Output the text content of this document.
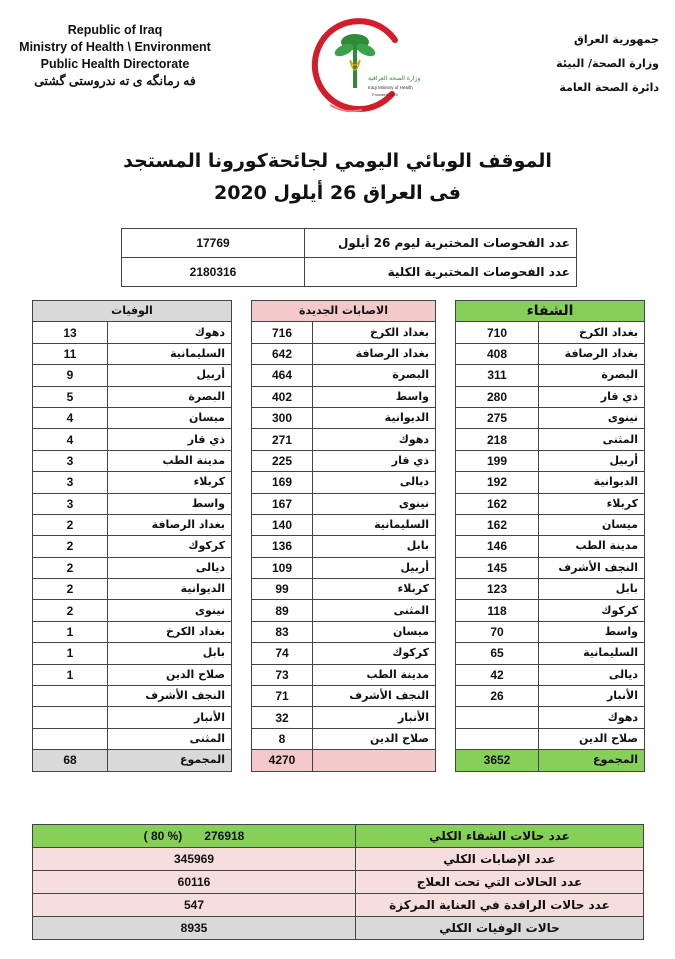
Republic of Iraq
Ministry of Health \ Environment
Public Health Directorate
فه رمانگه ی ته ندروستی گشتی	وزارة الصحة العراقية
Iraqi Ministry of Health
Founded 1920
جمهورية العراق
وزارة الصحة/ البيئة
دائرة الصحة العامة
الموقف الوبائي اليومي لجائحةكورونا المستجد
فى العراق 26 أيلول 2020
17769	عدد الفحوصات المختبرية ليوم 26 أيلول
2180316	عدد الفحوصات المختبرية الكلية
الوفيات	
13	دهوك
11	السليمانية
9	أربيل
5	البصرة
4	ميسان
4	ذي قار
3	مدينة الطب
3	كربلاء
3	واسط
2	بغداد الرصافة
2	كركوك
2	ديالى
2	الديوانية
2	نينوى
1	بغداد الكرخ
1	بابل
1	صلاح الدين
	النجف الأشرف
	الأنبار
	المثنى
68	المجموع
الاصابات الجديدة	
716	بغداد الكرخ
642	بغداد الرصافة
464	البصرة
402	واسط
300	الديوانية
271	دهوك
225	ذي قار
169	ديالى
167	نينوى
140	السليمانية
136	بابل
109	أربيل
99	كربلاء
89	المثنى
83	ميسان
74	كركوك
73	مدينة الطب
71	النجف الأشرف
32	الأنبار
8	صلاح الدين
4270	
الشفاء	
710	بغداد الكرخ
408	بغداد الرصافة
311	البصرة
280	ذي قار
275	نينوى
218	المثنى
199	أربيل
192	الديوانية
162	كربلاء
162	ميسان
146	مدينة الطب
145	النجف الأشرف
123	بابل
118	كركوك
70	واسط
65	السليمانية
42	ديالى
26	الأنبار
	دهوك
	صلاح الدين
3652	المجموع
( 80 %) 276918	عدد حالات الشفاء الكلي
345969	عدد الإصابات الكلي
60116	عدد الحالات التي تحت العلاج
547	عدد حالات الراقدة في العناية المركزة
8935	حالات الوفيات الكلي
